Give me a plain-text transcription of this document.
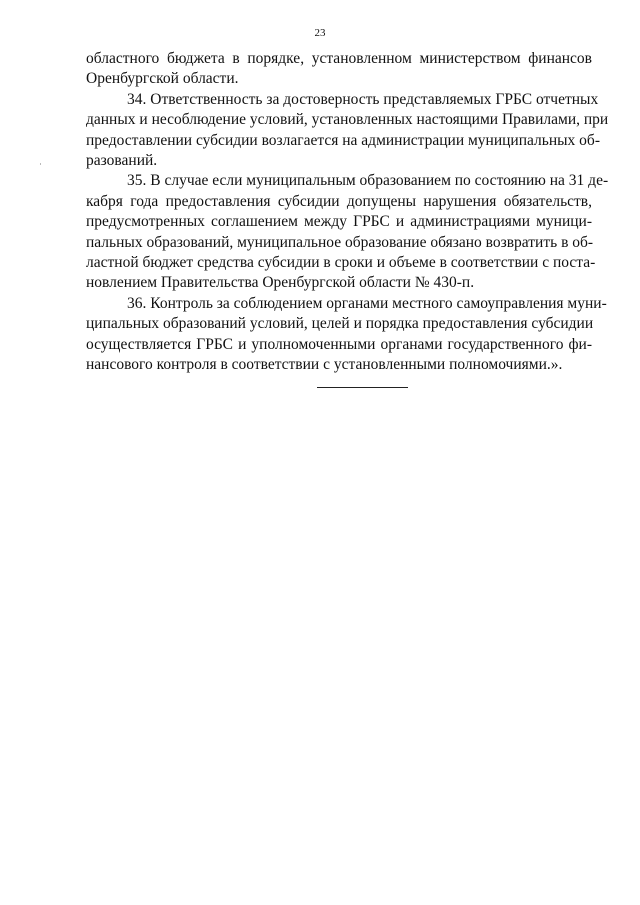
23
областного бюджета в порядке, установленном министерством финансов
Оренбургской области.
34. Ответственность за достоверность представляемых ГРБС отчетных
данных и несоблюдение условий, установленных настоящими Правилами, при
предоставлении субсидии возлагается на администрации муниципальных об-
разований.
35. В случае если муниципальным образованием по состоянию на 31 де-
кабря года предоставления субсидии допущены нарушения обязательств,
предусмотренных соглашением между ГРБС и администрациями муници-
пальных образований, муниципальное образование обязано возвратить в об-
ластной бюджет средства субсидии в сроки и объеме в соответствии с поста-
новлением Правительства Оренбургской области № 430-п.
36. Контроль за соблюдением органами местного самоуправления муни-
ципальных образований условий, целей и порядка предоставления субсидии
осуществляется ГРБС и уполномоченными органами государственного фи-
нансового контроля в соответствии с установленными полномочиями.».
